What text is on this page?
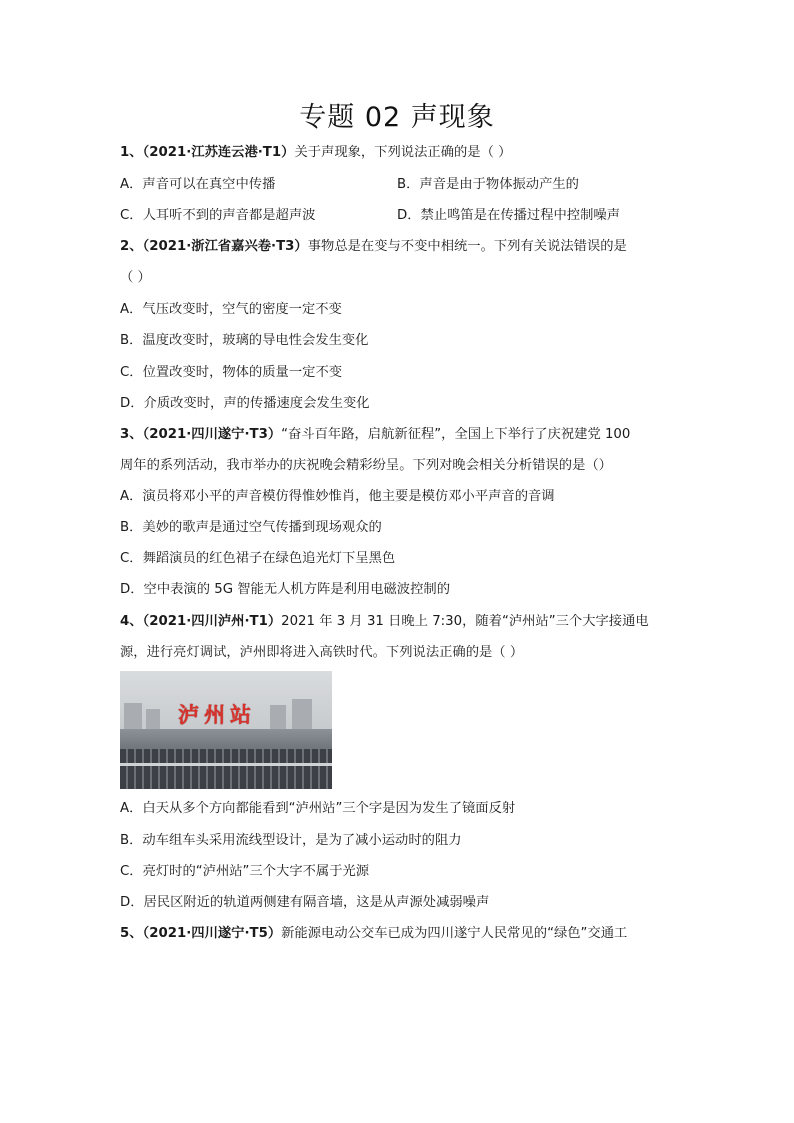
专题 02 声现象
1、（2021·江苏连云港·T1）关于声现象，下列说法正确的是（ ）
A．声音可以在真空中传播	B．声音是由于物体振动产生的
C．人耳听不到的声音都是超声波	D．禁止鸣笛是在传播过程中控制噪声
2、（2021·浙江省嘉兴卷·T3）事物总是在变与不变中相统一。下列有关说法错误的是
（ ）
A．气压改变时，空气的密度一定不变
B．温度改变时，玻璃的导电性会发生变化
C．位置改变时，物体的质量一定不变
D．介质改变时，声的传播速度会发生变化
3、（2021·四川遂宁·T3）“奋斗百年路，启航新征程”，全国上下举行了庆祝建党 100
周年的系列活动，我市举办的庆祝晚会精彩纷呈。下列对晚会相关分析错误的是（）
A．演员将邓小平的声音模仿得惟妙惟肖，他主要是模仿邓小平声音的音调
B．美妙的歌声是通过空气传播到现场观众的
C．舞蹈演员的红色裙子在绿色追光灯下呈黑色
D．空中表演的 5G 智能无人机方阵是利用电磁波控制的
4、（2021·四川泸州·T1）2021 年 3 月 31 日晚上 7:30，随着“泸州站”三个大字接通电
源，进行亮灯调试，泸州即将进入高铁时代。下列说法正确的是（ ）
泸州站
A．白天从多个方向都能看到“泸州站”三个字是因为发生了镜面反射
B．动车组车头采用流线型设计，是为了减小运动时的阻力
C．亮灯时的“泸州站”三个大字不属于光源
D．居民区附近的轨道两侧建有隔音墙，这是从声源处减弱噪声
5、（2021·四川遂宁·T5）新能源电动公交车已成为四川遂宁人民常见的“绿色”交通工
